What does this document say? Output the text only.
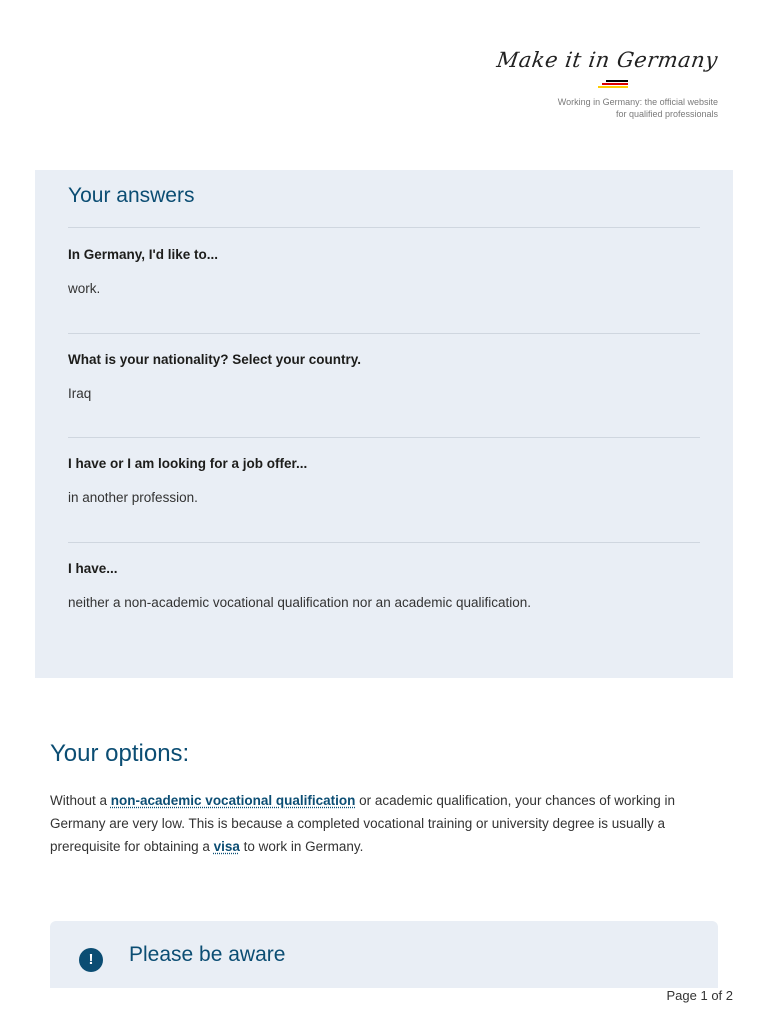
Make it in Germany
Working in Germany: the official website
for qualified professionals
Your answers

In Germany, I'd like to...

work.

What is your nationality? Select your country.

Iraq

I have or I am looking for a job offer...

in another profession.

I have...

neither a non-academic vocational qualification nor an academic qualification.

Your options:

Without a non-academic vocational qualification or academic qualification, your chances of working in Germany are very low. This is because a completed vocational training or university degree is usually a prerequisite for obtaining a visa to work in Germany.

!	Please be aware
Page 1 of 2
